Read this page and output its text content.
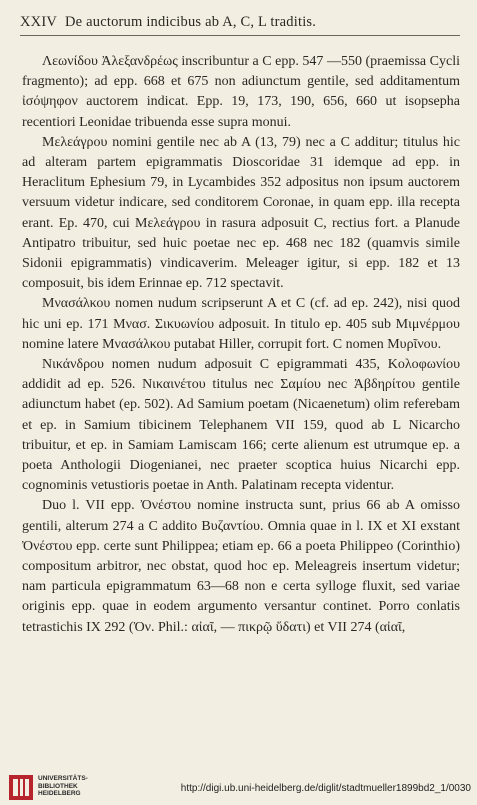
XXIV De auctorum indicibus ab A, C, L traditis.

Λεωνίδου Ἀλεξανδρέως inscribuntur a C epp. 547 —550 (praemissa Cycli fragmento); ad epp. 668 et 675 non adiunctum gentile, sed additamentum ἰσόψηφον auctorem indicat. Epp. 19, 173, 190, 656, 660 ut isopsepha recentiori Leonidae tribuenda esse supra monui.

Μελεάγρου nomini gentile nec ab A (13, 79) nec a C additur; titulus hic ad alteram partem epigrammatis Dioscoridae 31 idemque ad epp. in Heraclitum Ephesium 79, in Lycambides 352 adpositus non ipsum auctorem versuum videtur indicare, sed conditorem Coronae, in quam epp. illa recepta erant. Ep. 470, cui Μελεάγρου in rasura adposuit C, rectius fort. a Planude Antipatro tribuitur, sed huic poetae nec ep. 468 nec 182 (quamvis simile Sidonii epigrammatis) vindicaverim. Meleager igitur, si epp. 182 et 13 composuit, bis idem Erinnae ep. 712 spectavit.

Μνασάλκου nomen nudum scripserunt A et C (cf. ad ep. 242), nisi quod hic uni ep. 171 Μνασ. Σικυωνίου adposuit. In titulo ep. 405 sub Μιμνέρμου nomine latere Μνασάλκου putabat Hiller, corrupit fort. C nomen Μυρῖνου.

Νικάνδρου nomen nudum adposuit C epigrammati 435, Κολοφωνίου addidit ad ep. 526. Νικαινέτου titulus nec Σαμίου nec Ἀβδηρίτου gentile adiunctum habet (ep. 502). Ad Samium poetam (Nicaenetum) olim referebam et ep. in Samium tibicinem Telephanem VII 159, quod ab L Nicarcho tribuitur, et ep. in Samiam Lamiscam 166; certe alienum est utrumque ep. a poeta Anthologii Diogenianei, nec praeter scoptica huius Nicarchi epp. cognominis vetustioris poetae in Anth. Palatinam recepta videntur.

Duo l. VII epp. Ὀνέστου nomine instructa sunt, prius 66 ab A omisso gentili, alterum 274 a C addito Βυζαντίου. Omnia quae in l. IX et XI exstant Ὀνέστου epp. certe sunt Philippea; etiam ep. 66 a poeta Philippeo (Corinthio) compositum arbitror, nec obstat, quod hoc ep. Meleagreis insertum videtur; nam particula epigrammatum 63—68 non e certa sylloge fluxit, sed variae originis epp. quae in eodem argumento versantur continet. Porro conlatis tetrastichis IX 292 (Ὀν. Phil.: αἰαῖ, — πικρῷ ὕδατι) et VII 274 (αἰαῖ,

UNIVERSITÄTS-
BIBLIOTHEK
HEIDELBERG	http://digi.ub.uni-heidelberg.de/diglit/stadtmueller1899bd2_1/0030
